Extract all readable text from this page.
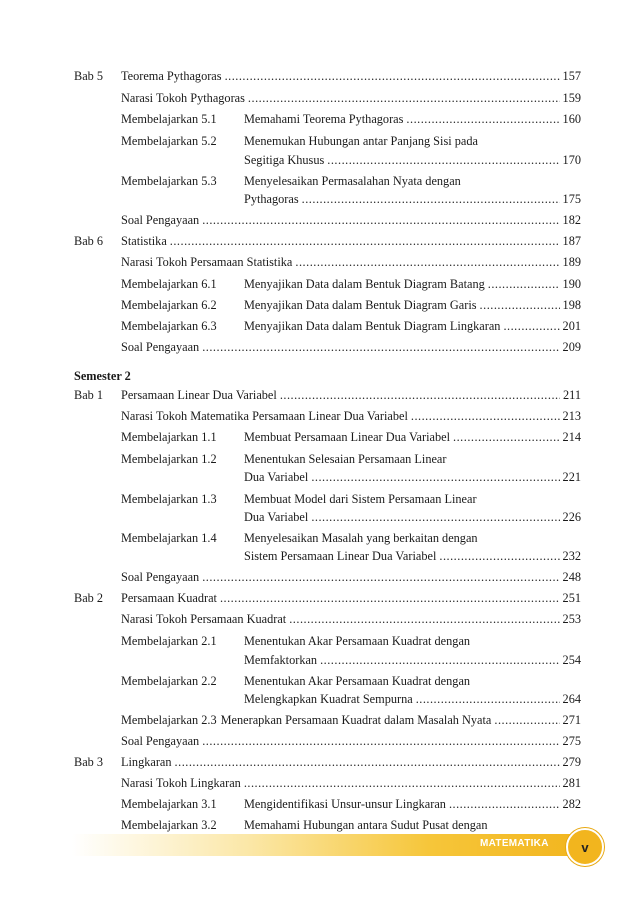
Bab 5 Teorema Pythagoras .....	157
Narasi Tokoh Pythagoras .....	159
Membelajarkan 5.1	Memahami Teorema Pythagoras .....	160
Membelajarkan 5.2	Menemukan Hubungan antar Panjang Sisi pada
Segitiga Khusus .....	170
Membelajarkan 5.3	Menyelesaikan Permasalahan Nyata dengan
Pythagoras .....	175
Soal Pengayaan .....	182
Bab 6 Statistika .....	187
Narasi Tokoh Persamaan Statistika .....	189
Membelajarkan 6.1	Menyajikan Data dalam Bentuk Diagram Batang .....	190
Membelajarkan 6.2	Menyajikan Data dalam Bentuk Diagram Garis .....	198
Membelajarkan 6.3	Menyajikan Data dalam Bentuk Diagram Lingkaran .....	201
Soal Pengayaan .....	209
Semester 2
Bab 1 Persamaan Linear Dua Variabel .....	211
Narasi Tokoh Matematika Persamaan Linear Dua Variabel .....	213
Membelajarkan 1.1	Membuat Persamaan Linear Dua Variabel .....	214
Membelajarkan 1.2	Menentukan Selesaian Persamaan Linear
Dua Variabel .....	221
Membelajarkan 1.3	Membuat Model dari Sistem Persamaan Linear
Dua Variabel .....	226
Membelajarkan 1.4	Menyelesaikan Masalah yang berkaitan dengan
Sistem Persamaan Linear Dua Variabel .....	232
Soal Pengayaan .....	248
Bab 2 Persamaan Kuadrat .....	251
Narasi Tokoh Persamaan Kuadrat .....	253
Membelajarkan 2.1	Menentukan Akar Persamaan Kuadrat dengan
Memfaktorkan .....	254
Membelajarkan 2.2	Menentukan Akar Persamaan Kuadrat dengan
Melengkapkan Kuadrat Sempurna .....	264
Membelajarkan 2.3 Menerapkan Persamaan Kuadrat dalam Masalah Nyata .....	271
Soal Pengayaan .....	275
Bab 3 Lingkaran .....	279
Narasi Tokoh Lingkaran .....	281
Membelajarkan 3.1	Mengidentifikasi Unsur-unsur Lingkaran .....	282
Membelajarkan 3.2	Memahami Hubungan antara Sudut Pusat dengan
MATEMATIKA	v
